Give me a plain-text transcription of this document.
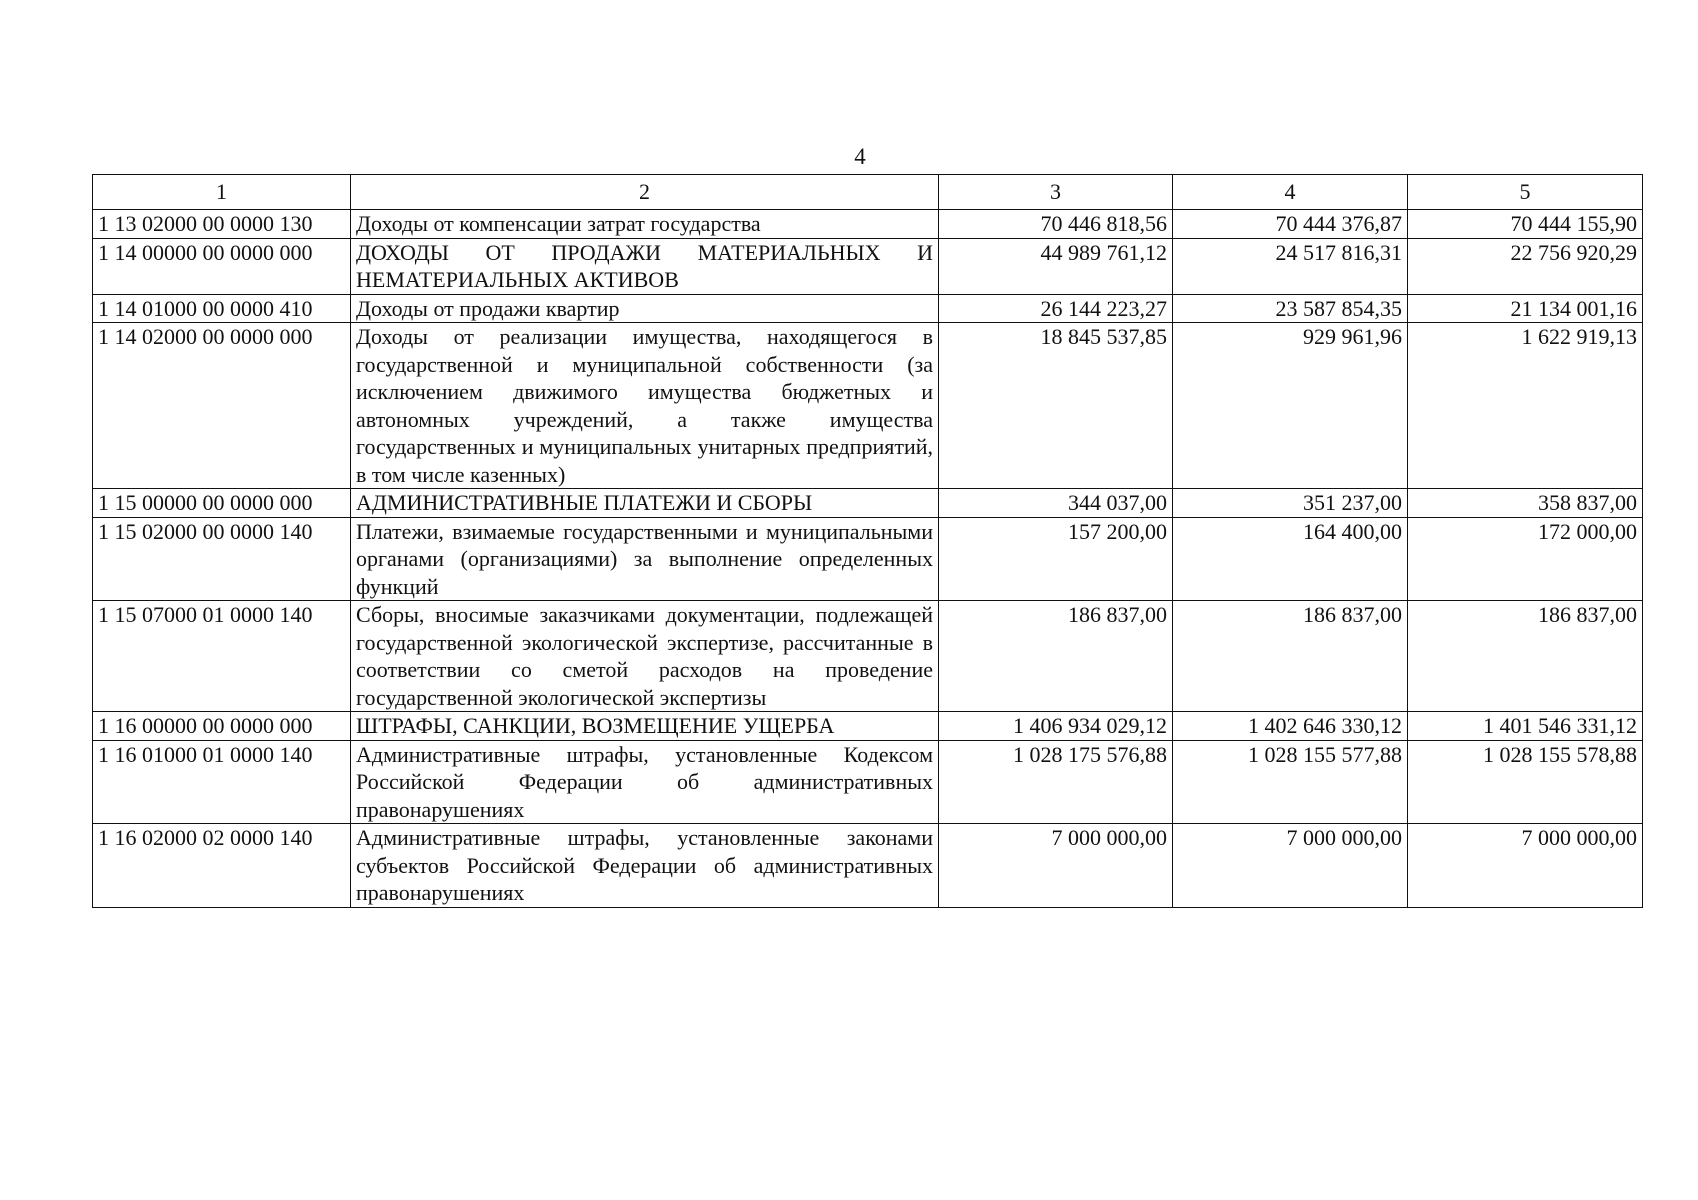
4
1	2	3	4	5
1 13 02000 00 0000 130	Доходы от компенсации затрат государства	70 446 818,56	70 444 376,87	70 444 155,90
1 14 00000 00 0000 000	ДОХОДЫ ОТ ПРОДАЖИ МАТЕРИАЛЬНЫХ И НЕМАТЕРИАЛЬНЫХ АКТИВОВ	44 989 761,12	24 517 816,31	22 756 920,29
1 14 01000 00 0000 410	Доходы от продажи квартир	26 144 223,27	23 587 854,35	21 134 001,16
1 14 02000 00 0000 000	Доходы от реализации имущества, находящегося в государственной и муниципальной собственности (за исключением движимого имущества бюджетных и автономных учреждений, а также имущества государственных и муниципальных унитарных предприятий, в том числе казенных)	18 845 537,85	929 961,96	1 622 919,13
1 15 00000 00 0000 000	АДМИНИСТРАТИВНЫЕ ПЛАТЕЖИ И СБОРЫ	344 037,00	351 237,00	358 837,00
1 15 02000 00 0000 140	Платежи, взимаемые государственными и муниципальными органами (организациями) за выполнение определенных функций	157 200,00	164 400,00	172 000,00
1 15 07000 01 0000 140	Сборы, вносимые заказчиками документации, подлежащей государственной экологической экспертизе, рассчитанные в соответствии со сметой расходов на проведение государственной экологической экспертизы	186 837,00	186 837,00	186 837,00
1 16 00000 00 0000 000	ШТРАФЫ, САНКЦИИ, ВОЗМЕЩЕНИЕ УЩЕРБА	1 406 934 029,12	1 402 646 330,12	1 401 546 331,12
1 16 01000 01 0000 140	Административные штрафы, установленные Кодексом Российской Федерации об административных правонарушениях	1 028 175 576,88	1 028 155 577,88	1 028 155 578,88
1 16 02000 02 0000 140	Административные штрафы, установленные законами субъектов Российской Федерации об административных правонарушениях	7 000 000,00	7 000 000,00	7 000 000,00
